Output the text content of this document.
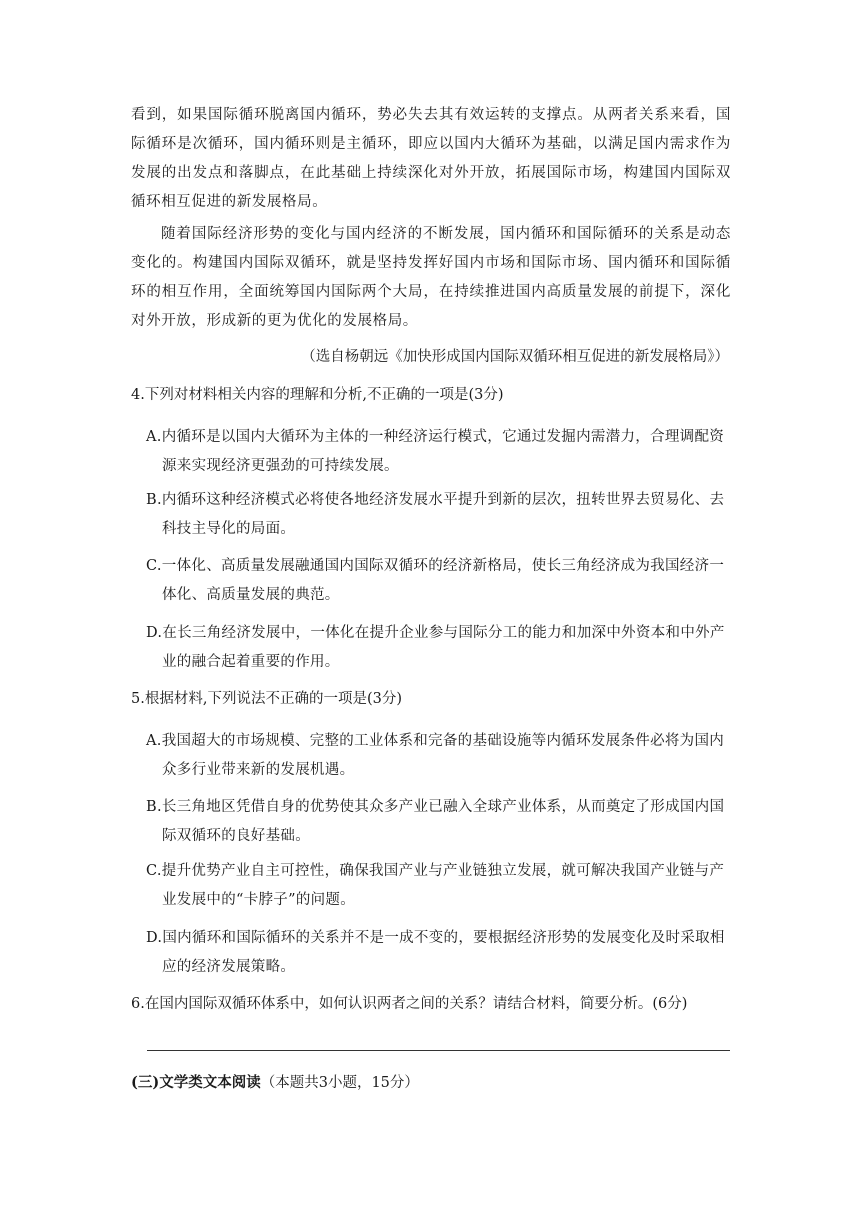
看到，如果国际循环脱离国内循环，势必失去其有效运转的支撑点。从两者关系来看，国际循环是次循环，国内循环则是主循环，即应以国内大循环为基础，以满足国内需求作为发展的出发点和落脚点，在此基础上持续深化对外开放，拓展国际市场，构建国内国际双循环相互促进的新发展格局。

随着国际经济形势的变化与国内经济的不断发展，国内循环和国际循环的关系是动态变化的。构建国内国际双循环，就是坚持发挥好国内市场和国际市场、国内循环和国际循环的相互作用，全面统筹国内国际两个大局，在持续推进国内高质量发展的前提下，深化对外开放，形成新的更为优化的发展格局。

（选自杨朝远《加快形成国内国际双循环相互促进的新发展格局》）

4.下列对材料相关内容的理解和分析,不正确的一项是(3分)

A.内循环是以国内大循环为主体的一种经济运行模式，它通过发掘内需潜力，合理调配资
源来实现经济更强劲的可持续发展。
B.内循环这种经济模式必将使各地经济发展水平提升到新的层次，扭转世界去贸易化、去
科技主导化的局面。
C.一体化、高质量发展融通国内国际双循环的经济新格局，使长三角经济成为我国经济一
体化、高质量发展的典范。
D.在长三角经济发展中，一体化在提升企业参与国际分工的能力和加深中外资本和中外产
业的融合起着重要的作用。

5.根据材料,下列说法不正确的一项是(3分)

A.我国超大的市场规模、完整的工业体系和完备的基础设施等内循环发展条件必将为国内
众多行业带来新的发展机遇。
B.长三角地区凭借自身的优势使其众多产业已融入全球产业体系，从而奠定了形成国内国
际双循环的良好基础。
C.提升优势产业自主可控性，确保我国产业与产业链独立发展，就可解决我国产业链与产
业发展中的“卡脖子”的问题。
D.国内循环和国际循环的关系并不是一成不变的，要根据经济形势的发展变化及时采取相
应的经济发展策略。

6.在国内国际双循环体系中，如何认识两者之间的关系？请结合材料，简要分析。(6分)

(三)文学类文本阅读（本题共3小题，15分）
